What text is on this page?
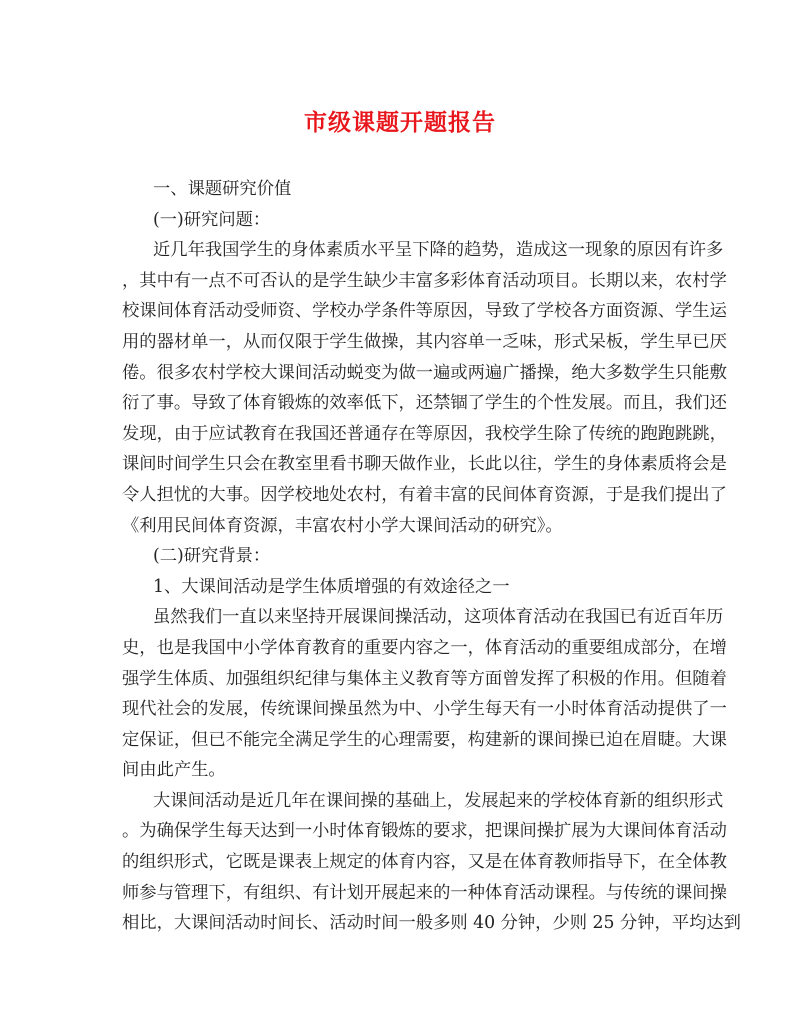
市级课题开题报告
一、课题研究价值
(一)研究问题：
近几年我国学生的身体素质水平呈下降的趋势，造成这一现象的原因有许多
，其中有一点不可否认的是学生缺少丰富多彩体育活动项目。长期以来，农村学
校课间体育活动受师资、学校办学条件等原因，导致了学校各方面资源、学生运
用的器材单一，从而仅限于学生做操，其内容单一乏味，形式呆板，学生早已厌
倦。很多农村学校大课间活动蜕变为做一遍或两遍广播操，绝大多数学生只能敷
衍了事。导致了体育锻炼的效率低下，还禁锢了学生的个性发展。而且，我们还
发现，由于应试教育在我国还普通存在等原因，我校学生除了传统的跑跑跳跳，
课间时间学生只会在教室里看书聊天做作业，长此以往，学生的身体素质将会是
令人担忧的大事。因学校地处农村，有着丰富的民间体育资源，于是我们提出了
《利用民间体育资源，丰富农村小学大课间活动的研究》。
(二)研究背景：
1、大课间活动是学生体质增强的有效途径之一
虽然我们一直以来坚持开展课间操活动，这项体育活动在我国已有近百年历
史，也是我国中小学体育教育的重要内容之一，体育活动的重要组成部分，在增
强学生体质、加强组织纪律与集体主义教育等方面曾发挥了积极的作用。但随着
现代社会的发展，传统课间操虽然为中、小学生每天有一小时体育活动提供了一
定保证，但已不能完全满足学生的心理需要，构建新的课间操已迫在眉睫。大课
间由此产生。
大课间活动是近几年在课间操的基础上，发展起来的学校体育新的组织形式
。为确保学生每天达到一小时体育锻炼的要求，把课间操扩展为大课间体育活动
的组织形式，它既是课表上规定的体育内容，又是在体育教师指导下，在全体教
师参与管理下，有组织、有计划开展起来的一种体育活动课程。与传统的课间操
相比，大课间活动时间长、活动时间一般多则 40 分钟，少则 25 分钟，平均达到
